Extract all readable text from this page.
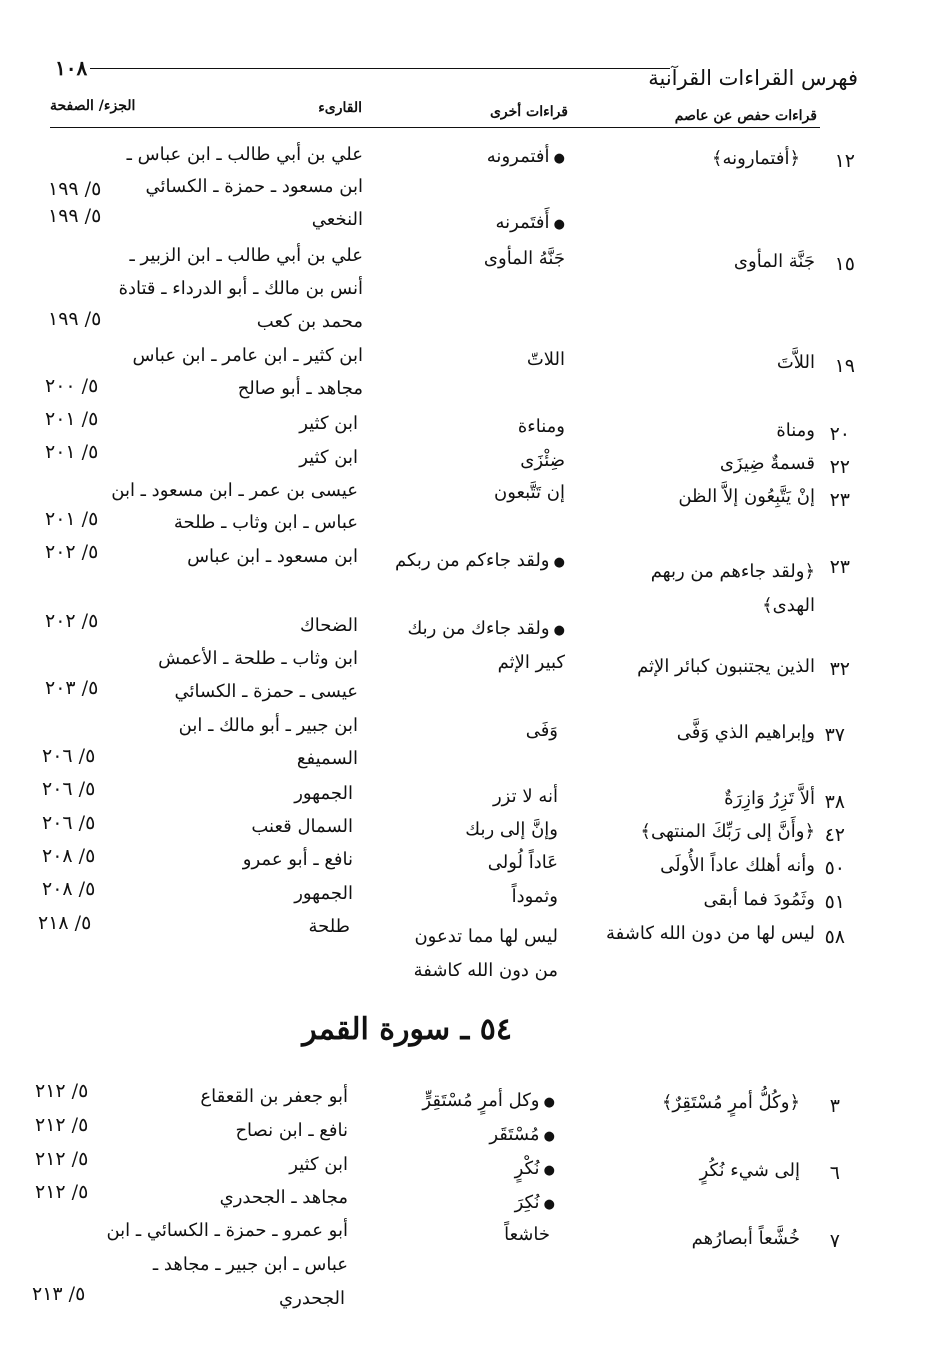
فهرس القراءات القرآنية
١٠٨
قراءات حفص عن عاصم
قراءات أخرى
القارىء
الجزء/ الصفحة
١٢
﴿أفتمارونه﴾
● أفتمرونه
علي بن أبي طالب ـ ابن عباس ـ
ابن مسعود ـ حمزة ـ الكسائي
٥/ ١٩٩
● أَفتَمرنه
النخعي
٥/ ١٩٩
١٥
جَنَّة المأوى
جَنَّهُ المأوى
علي بن أبي طالب ـ ابن الزبير ـ
أنس بن مالك ـ أبو الدرداء ـ قتادة
محمد بن كعب
٥/ ١٩٩
١٩
اللاَّتَ
اللاتّ
ابن كثير ـ ابن عامر ـ ابن عباس
مجاهد ـ أبو صالح
٥/ ٢٠٠
٢٠
ومناة
ومناءة
ابن كثير
٥/ ٢٠١
٢٢
قسمةٌ ضِيزَى
ضِئْزَى
ابن كثير
٥/ ٢٠١
٢٣
إنْ يَتَّبِعُون إلاَّ الظن
إن تَتَّبعون
عيسى بن عمر ـ ابن مسعود ـ ابن
عباس ـ ابن وثاب ـ طلحة
٥/ ٢٠١
٢٣
﴿ولقد جاءهم من ربهم الهدى﴾
● ولقد جاءكم من ربكم
ابن مسعود ـ ابن عباس
٥/ ٢٠٢
● ولقد جاءك من ربك
الضحاك
٥/ ٢٠٢
٣٢
الذين يجتنبون كبائر الإثم
كبير الإثم
ابن وثاب ـ طلحة ـ الأعمش
عيسى ـ حمزة ـ الكسائي
٥/ ٢٠٣
٣٧
وإبراهيم الذي وَفَّى
وَفَى
ابن جبير ـ أبو مالك ـ ابن
السميفع
٥/ ٢٠٦
٣٨
ألاَّ تَزِرُ وَازِرَةٌ
أنه لا تزر
الجمهور
٥/ ٢٠٦
٤٢
﴿وأَنَّ إلى رَبِّكَ المنتهى﴾
وإنَّ إلى ربك
السمال قعنب
٥/ ٢٠٦
٥٠
وأنه أهلك عاداً الأُولَى
عَاداً لُولى
نافع ـ أبو عمرو
٥/ ٢٠٨
٥١
وثَمُودَ فما أبقى
وثموداً
الجمهور
٥/ ٢٠٨
٥٨
ليس لها من دون الله كاشفة
ليس لها مما تدعون من دون الله كاشفة
طلحة
٥/ ٢١٨
٥٤ ـ سورة القمر
٣
﴿وكُلُّ أمرٍ مُسْتَقِرٌ﴾
● وكل أمرٍ مُسْتَقِرٍّ
أبو جعفر بن القعقاع
٥/ ٢١٢
● مُسْتَقَر
نافع ـ ابن نصاح
٥/ ٢١٢
٦
إلى شيء نُكُرٍ
● نُكْرٍ
ابن كثير
٥/ ٢١٢
● نُكِرَ
مجاهد ـ الجحدري
٥/ ٢١٢
٧
خُشَّعاً أبصارُهم
خاشعاً
أبو عمرو ـ حمزة ـ الكسائي ـ ابن
عباس ـ ابن جبير ـ مجاهد ـ
الجحدري
٥/ ٢١٣
